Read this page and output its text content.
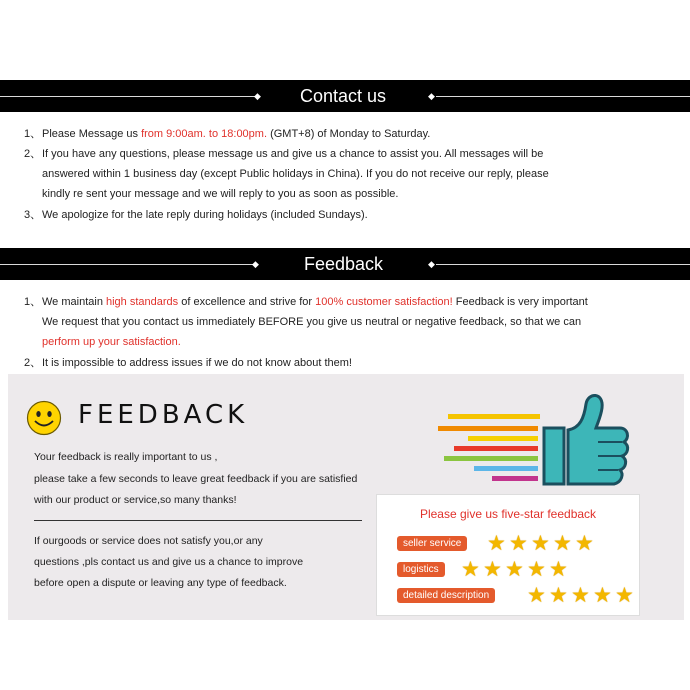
◆ Contact us	◆
1、Please Message us from 9:00am. to 18:00pm. (GMT+8) of Monday to Saturday.
2、If you have any questions, please message us and give us a chance to assist you. All messages will be
answered within 1 business day (except Public holidays in China). If you do not receive our reply, please
kindly re sent your message and we will reply to you as soon as possible.
3、We apologize for the late reply during holidays (included Sundays).
◆	Feedback	◆
1、We maintain high standards of excellence and strive for 100% customer satisfaction! Feedback is very important
We request that you contact us immediately BEFORE you give us neutral or negative feedback, so that we can
perform up your satisfaction.
2、It is impossible to address issues if we do not know about them!
FEEDBACK
Your feedback is really important to us ,
please take a few seconds to leave great feedback if you are satisfied
with our product or service,so many thanks!
If ourgoods or service does not satisfy you,or any
questions ,pls contact us and give us a chance to improve
before open a dispute or leaving any type of feedback.
Please give us five-star feedback
seller service ★ ★ ★ ★ ★
logistics ★ ★ ★ ★ ★
detailed description ★ ★ ★ ★ ★
